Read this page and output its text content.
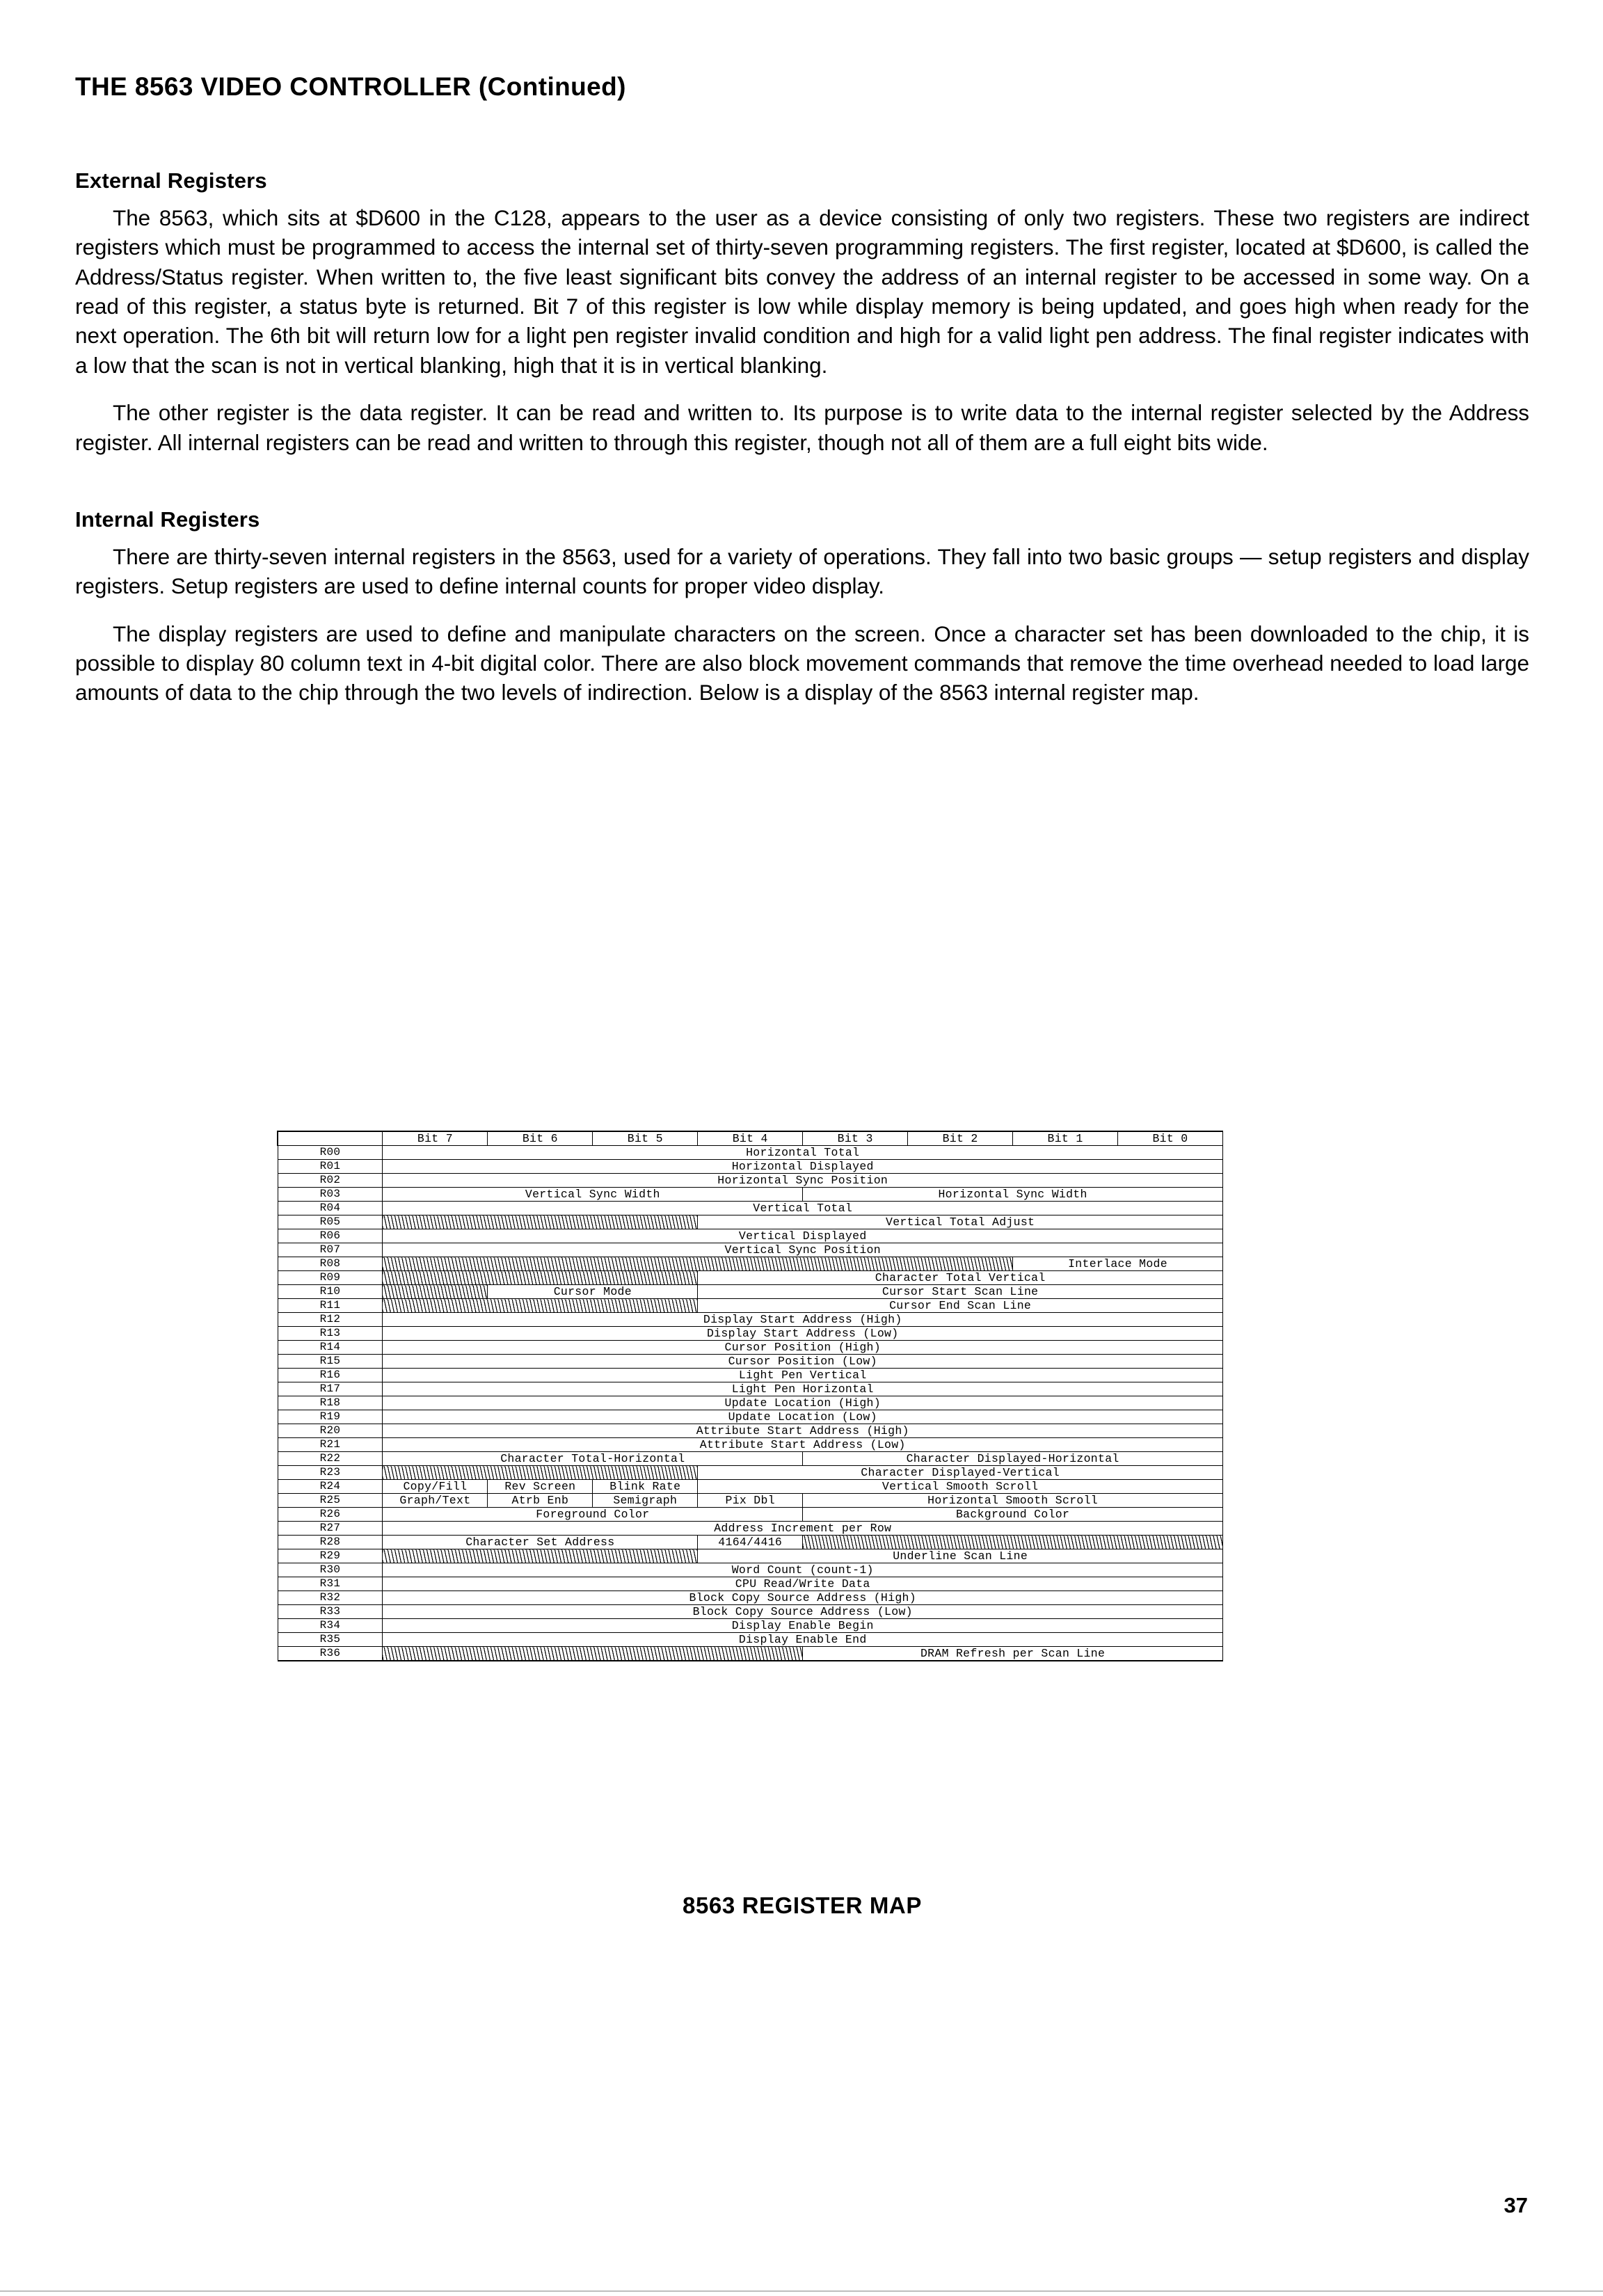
THE 8563 VIDEO CONTROLLER (Continued)
External Registers

The 8563, which sits at $D600 in the C128, appears to the user as a device consisting of only two registers. These two registers are indirect registers which must be programmed to access the internal set of thirty-seven programming registers. The first register, located at $D600, is called the Address/Status register. When written to, the five least significant bits convey the address of an internal register to be accessed in some way. On a read of this register, a status byte is returned. Bit 7 of this register is low while display memory is being updated, and goes high when ready for the next operation. The 6th bit will return low for a light pen register invalid condition and high for a valid light pen address. The final register indicates with a low that the scan is not in vertical blanking, high that it is in vertical blanking.

The other register is the data register. It can be read and written to. Its purpose is to write data to the internal register selected by the Address register. All internal registers can be read and written to through this register, though not all of them are a full eight bits wide.

Internal Registers

There are thirty-seven internal registers in the 8563, used for a variety of operations. They fall into two basic groups — setup registers and display registers. Setup registers are used to define internal counts for proper video display.

The display registers are used to define and manipulate characters on the screen. Once a character set has been downloaded to the chip, it is possible to display 80 column text in 4-bit digital color. There are also block movement commands that remove the time overhead needed to load large amounts of data to the chip through the two levels of indirection. Below is a display of the 8563 internal register map.

	Bit 7	Bit 6	Bit 5	Bit 4	Bit 3	Bit 2	Bit 1	Bit 0
R00	Horizontal Total							
R01	Horizontal Displayed							
R02	Horizontal Sync Position							
R03	Vertical Sync Width				Horizontal Sync Width			
R04	Vertical Total							
R05				Vertical Total Adjust				
R06	Vertical Displayed							
R07	Vertical Sync Position							
R08							Interlace Mode	
R09				Character Total Vertical				
R10		Cursor Mode		Cursor Start Scan Line				
R11				Cursor End Scan Line				
R12	Display Start Address (High)							
R13	Display Start Address (Low)							
R14	Cursor Position (High)							
R15	Cursor Position (Low)							
R16	Light Pen Vertical							
R17	Light Pen Horizontal							
R18	Update Location (High)							
R19	Update Location (Low)							
R20	Attribute Start Address (High)							
R21	Attribute Start Address (Low)							
R22	Character Total-Horizontal				Character Displayed-Horizontal			
R23				Character Displayed-Vertical				
R24	Copy/Fill	Rev Screen	Blink Rate	Vertical Smooth Scroll				
R25	Graph/Text	Atrb Enb	Semigraph	Pix Dbl	Horizontal Smooth Scroll			
R26	Foreground Color				Background Color			
R27	Address Increment per Row							
R28	Character Set Address			4164/4416				
R29				Underline Scan Line				
R30	Word Count (count-1)							
R31	CPU Read/Write Data							
R32	Block Copy Source Address (High)							
R33	Block Copy Source Address (Low)							
R34	Display Enable Begin							
R35	Display Enable End							
R36					DRAM Refresh per Scan Line			
8563 REGISTER MAP
37
